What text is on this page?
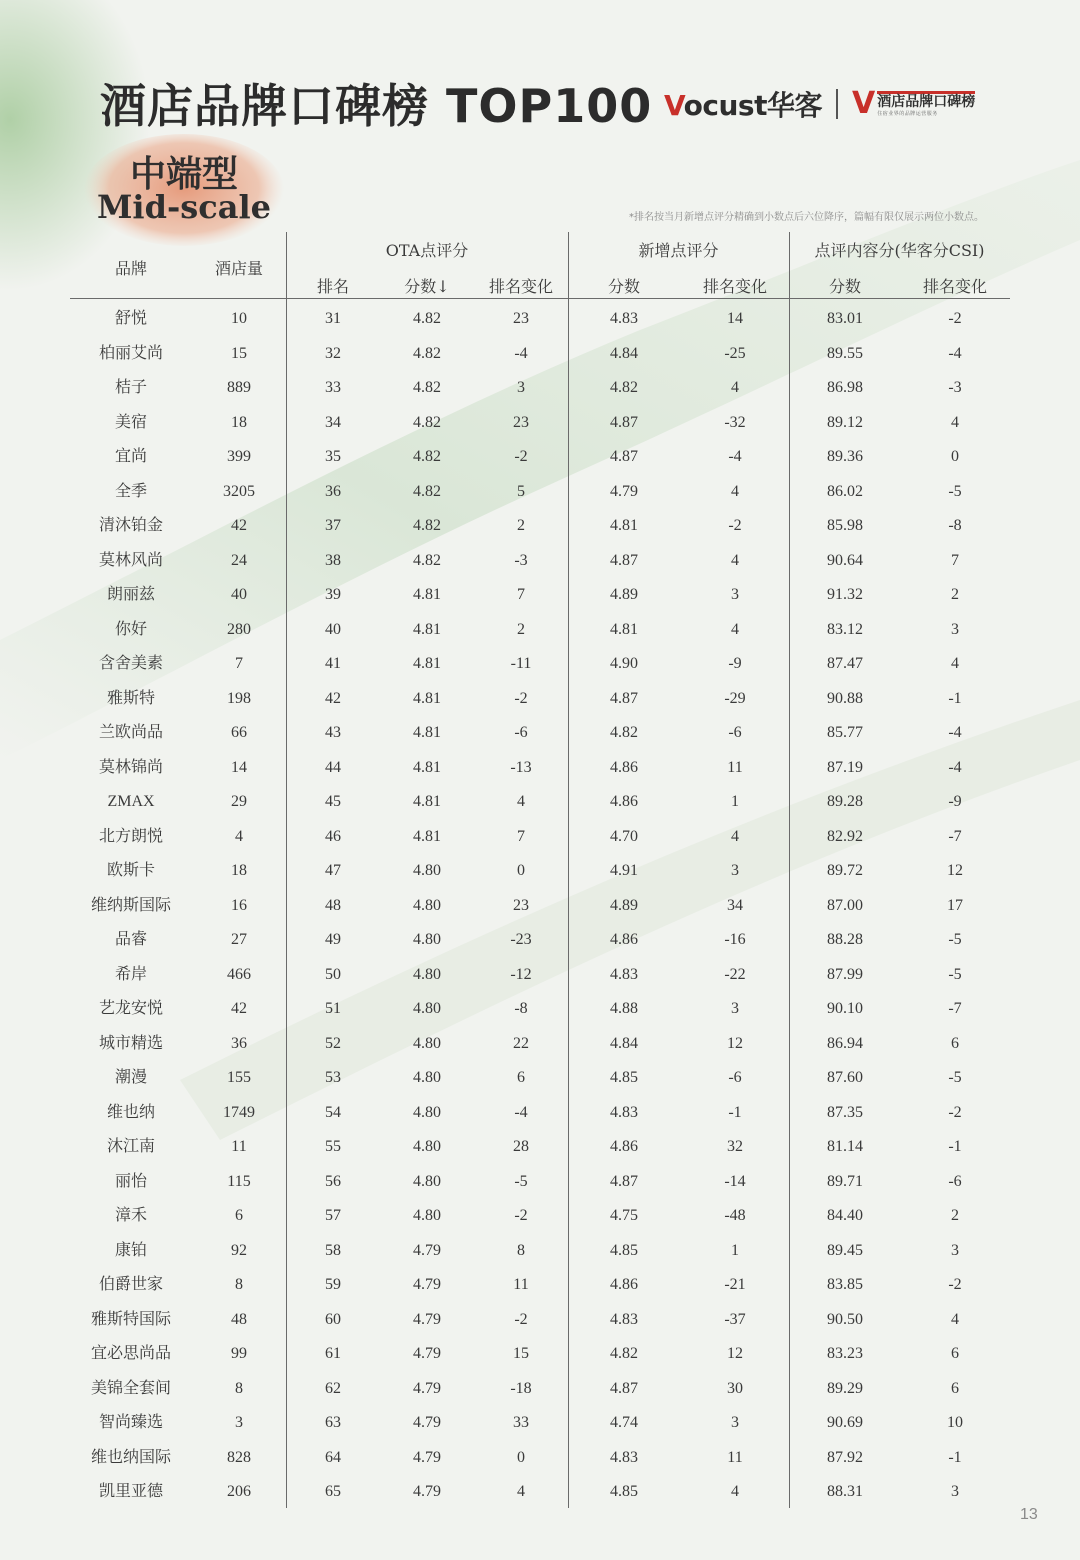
酒店品牌口碑榜 TOP100 Vocust华客 V 酒店品牌口碑榜
住宿业界的品牌运营服务
中端型
Mid-scale	*排名按当月新增点评分精确到小数点后六位降序，篇幅有限仅展示两位小数点。
品牌	酒店量
OTA点评分	新增点评分	点评内容分(华客分CSI)
排名	分数↓	排名变化	分数	排名变化	分数	排名变化
舒悦	10	31	4.82	23	4.83	14	83.01	-2
柏丽艾尚	15	32	4.82	-4	4.84	-25	89.55	-4
桔子	889	33	4.82	3	4.82	4	86.98	-3
美宿	18	34	4.82	23	4.87	-32	89.12	4
宜尚	399	35	4.82	-2	4.87	-4	89.36	0
全季	3205	36	4.82	5	4.79	4	86.02	-5
清沐铂金	42	37	4.82	2	4.81	-2	85.98	-8
莫林风尚	24	38	4.82	-3	4.87	4	90.64	7
朗丽兹	40	39	4.81	7	4.89	3	91.32	2
你好	280	40	4.81	2	4.81	4	83.12	3
含舍美素	7	41	4.81	-11	4.90	-9	87.47	4
雅斯特	198	42	4.81	-2	4.87	-29	90.88	-1
兰欧尚品	66	43	4.81	-6	4.82	-6	85.77	-4
莫林锦尚	14	44	4.81	-13	4.86	11	87.19	-4
ZMAX	29	45	4.81	4	4.86	1	89.28	-9
北方朗悦	4	46	4.81	7	4.70	4	82.92	-7
欧斯卡	18	47	4.80	0	4.91	3	89.72	12
维纳斯国际	16	48	4.80	23	4.89	34	87.00	17
品睿	27	49	4.80	-23	4.86	-16	88.28	-5
希岸	466	50	4.80	-12	4.83	-22	87.99	-5
艺龙安悦	42	51	4.80	-8	4.88	3	90.10	-7
城市精选	36	52	4.80	22	4.84	12	86.94	6
潮漫	155	53	4.80	6	4.85	-6	87.60	-5
维也纳	1749	54	4.80	-4	4.83	-1	87.35	-2
沐江南	11	55	4.80	28	4.86	32	81.14	-1
丽怡	115	56	4.80	-5	4.87	-14	89.71	-6
漳禾	6	57	4.80	-2	4.75	-48	84.40	2
康铂	92	58	4.79	8	4.85	1	89.45	3
伯爵世家	8	59	4.79	11	4.86	-21	83.85	-2
雅斯特国际	48	60	4.79	-2	4.83	-37	90.50	4
宜必思尚品	99	61	4.79	15	4.82	12	83.23	6
美锦全套间	8	62	4.79	-18	4.87	30	89.29	6
智尚臻选	3	63	4.79	33	4.74	3	90.69	10
维也纳国际	828	64	4.79	0	4.83	11	87.92	-1
凯里亚德	206	65	4.79	4	4.85	4	88.31	3
13
